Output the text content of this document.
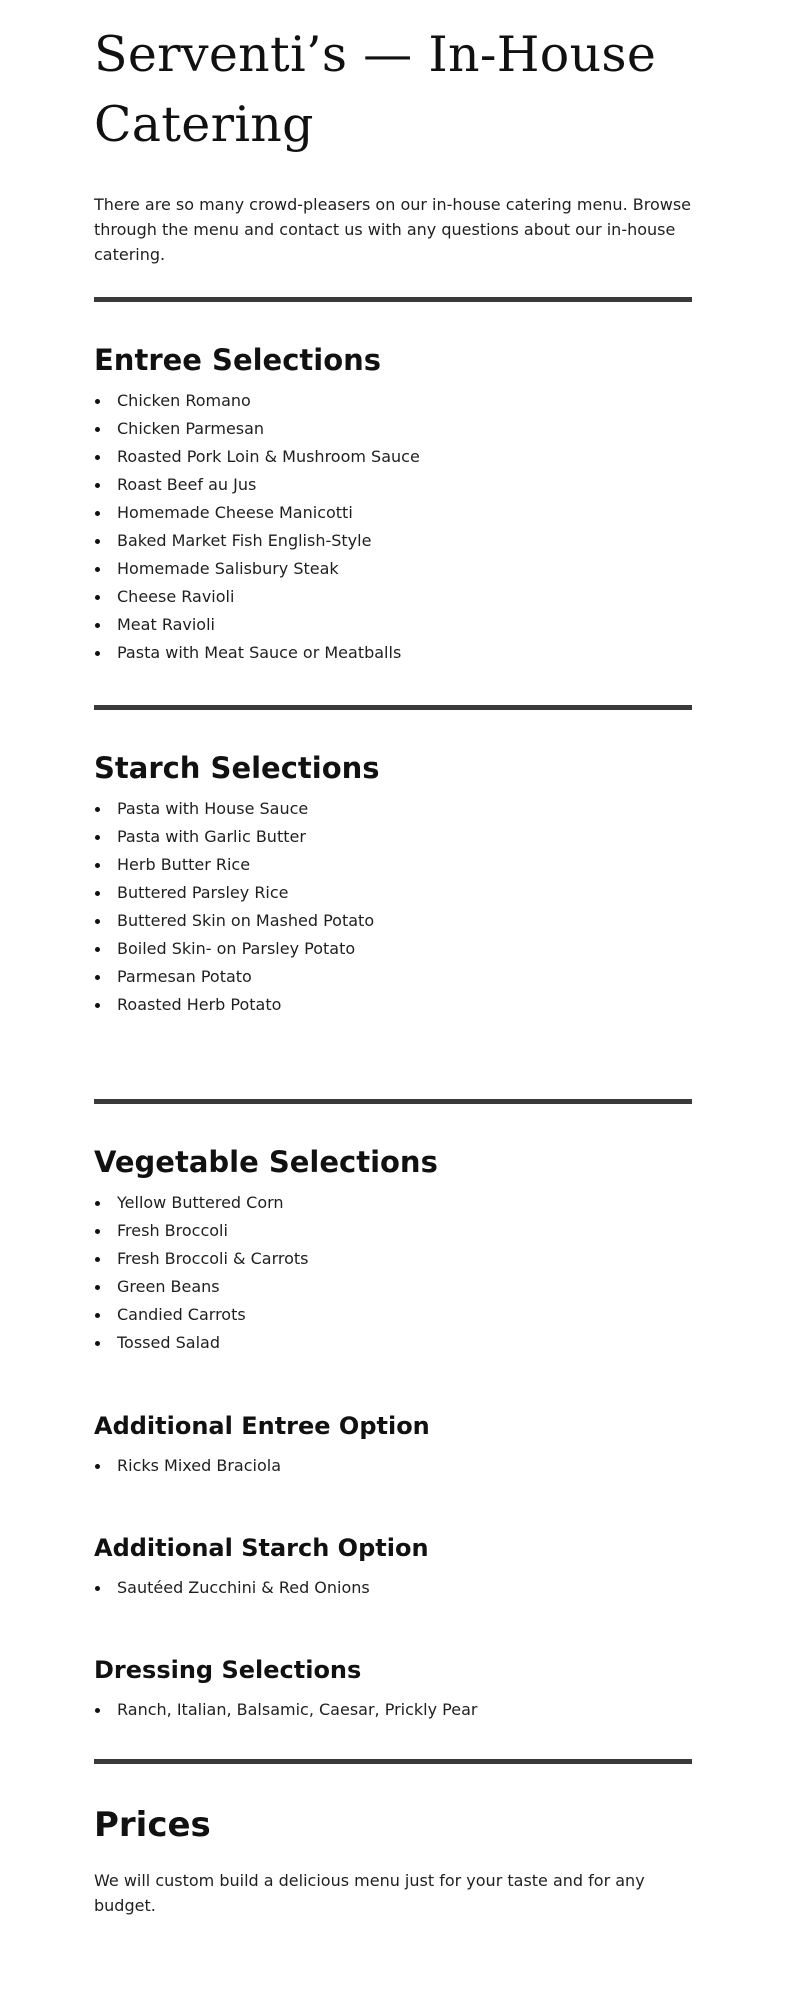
Serventi’s — In-House Catering

There are so many crowd-pleasers on our in-house catering menu. Browse through the menu and contact us with any questions about our in-house catering.

Entree Selections
Chicken Romano
Chicken Parmesan
Roasted Pork Loin & Mushroom Sauce
Roast Beef au Jus
Homemade Cheese Manicotti
Baked Market Fish English-Style
Homemade Salisbury Steak
Cheese Ravioli
Meat Ravioli
Pasta with Meat Sauce or Meatballs
Starch Selections
Pasta with House Sauce
Pasta with Garlic Butter
Herb Butter Rice
Buttered Parsley Rice
Buttered Skin on Mashed Potato
Boiled Skin- on Parsley Potato
Parmesan Potato
Roasted Herb Potato
Vegetable Selections
Yellow Buttered Corn
Fresh Broccoli
Fresh Broccoli & Carrots
Green Beans
Candied Carrots
Tossed Salad
Additional Entree Option
Ricks Mixed Braciola
Additional Starch Option
Sautéed Zucchini & Red Onions
Dressing Selections
Ranch, Italian, Balsamic, Caesar, Prickly Pear
Prices

We will custom build a delicious menu just for your taste and for any budget.
